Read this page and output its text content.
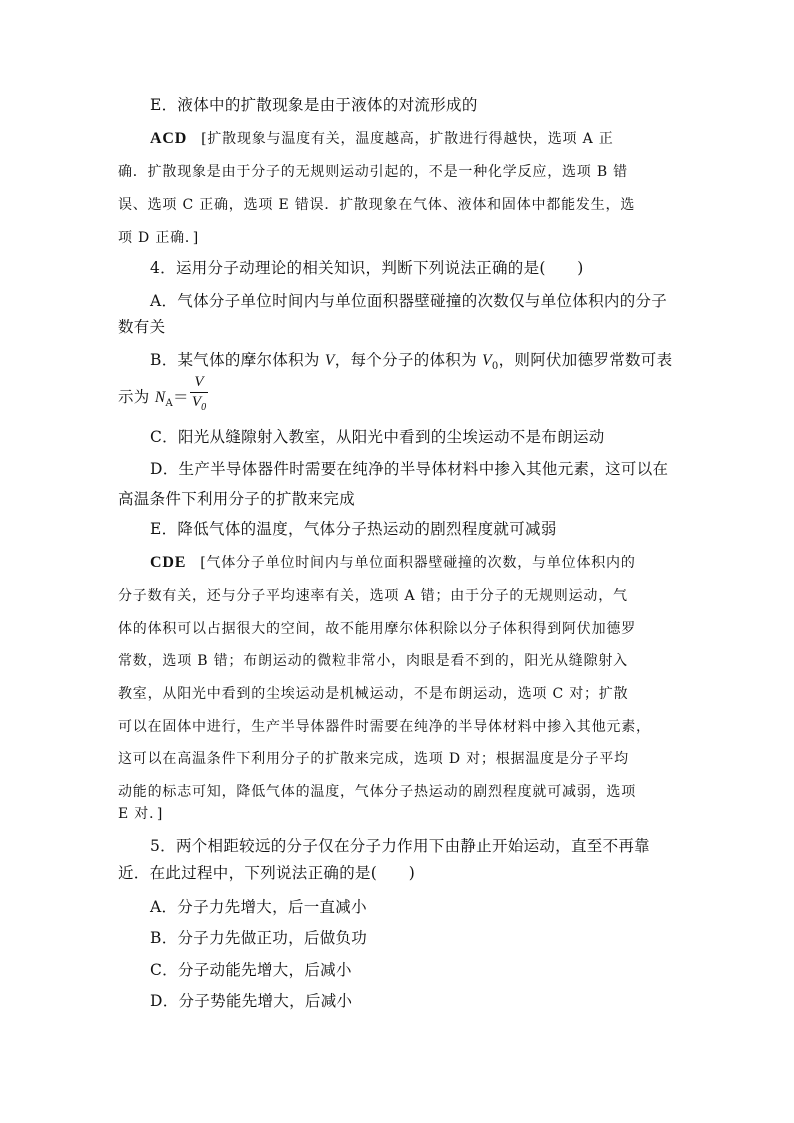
E．液体中的扩散现象是由于液体的对流形成的
ACD [扩散现象与温度有关，温度越高，扩散进行得越快，选项 A 正
确．扩散现象是由于分子的无规则运动引起的，不是一种化学反应，选项 B 错
误、选项 C 正确，选项 E 错误．扩散现象在气体、液体和固体中都能发生，选
项 D 正确．]
4．运用分子动理论的相关知识，判断下列说法正确的是(　　)
A．气体分子单位时间内与单位面积器壁碰撞的次数仅与单位体积内的分子
数有关
B．某气体的摩尔体积为 V，每个分子的体积为 $V_0$，则阿伏加德罗常数可表
示为 $N_A=$
V
$V_0$
C．阳光从缝隙射入教室，从阳光中看到的尘埃运动不是布朗运动
D．生产半导体器件时需要在纯净的半导体材料中掺入其他元素，这可以在
高温条件下利用分子的扩散来完成
E．降低气体的温度，气体分子热运动的剧烈程度就可减弱
CDE [气体分子单位时间内与单位面积器壁碰撞的次数，与单位体积内的
分子数有关，还与分子平均速率有关，选项 A 错；由于分子的无规则运动，气
体的体积可以占据很大的空间，故不能用摩尔体积除以分子体积得到阿伏加德罗
常数，选项 B 错；布朗运动的微粒非常小，肉眼是看不到的，阳光从缝隙射入
教室，从阳光中看到的尘埃运动是机械运动，不是布朗运动，选项 C 对；扩散
可以在固体中进行，生产半导体器件时需要在纯净的半导体材料中掺入其他元素，
这可以在高温条件下利用分子的扩散来完成，选项 D 对；根据温度是分子平均
动能的标志可知，降低气体的温度，气体分子热运动的剧烈程度就可减弱，选项
E 对．]
5．两个相距较远的分子仅在分子力作用下由静止开始运动，直至不再靠
近．在此过程中，下列说法正确的是(　　)
A．分子力先增大，后一直减小
B．分子力先做正功，后做负功
C．分子动能先增大，后减小
D．分子势能先增大，后减小
